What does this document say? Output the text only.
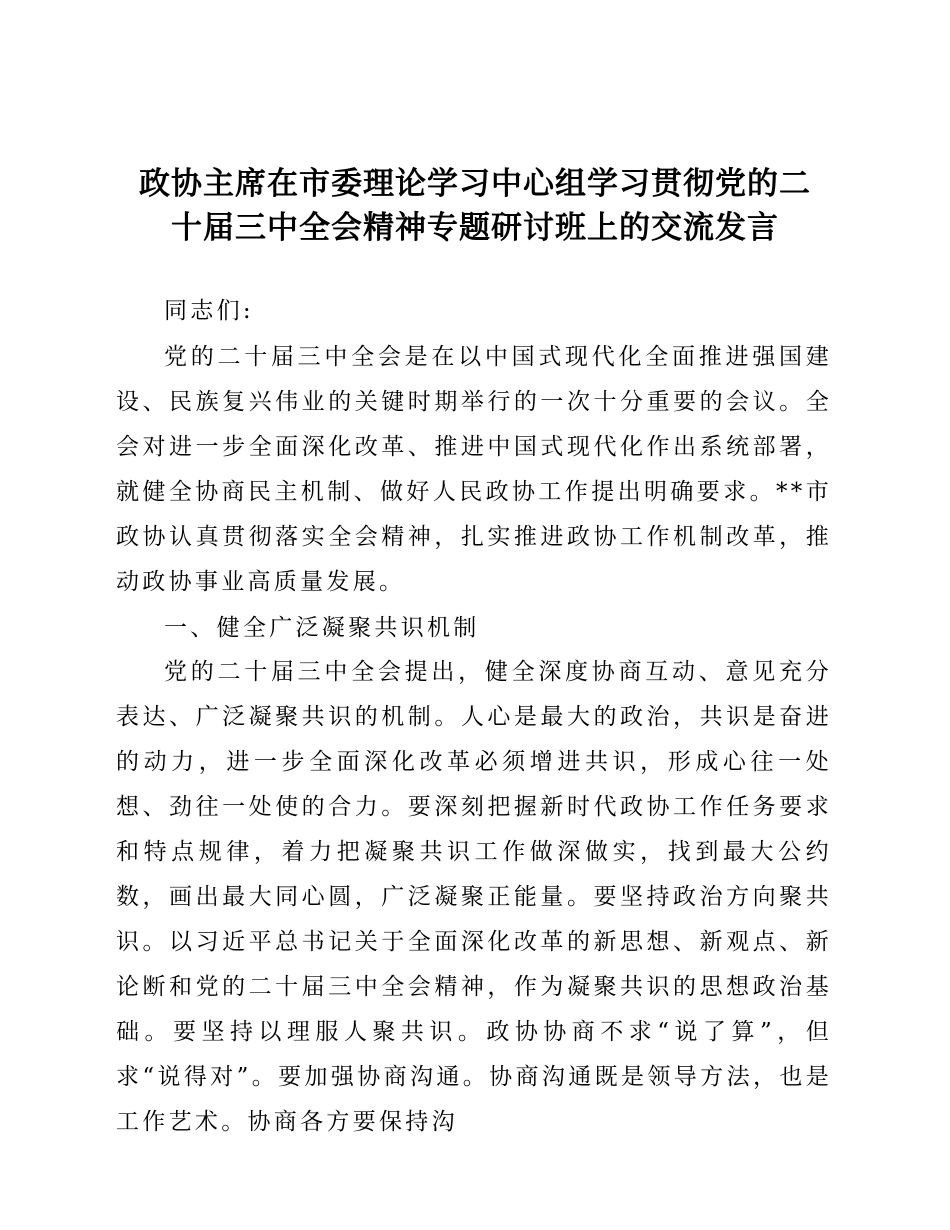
政协主席在市委理论学习中心组学习贯彻党的二
十届三中全会精神专题研讨班上的交流发言
同志们:
党的二十届三中全会是在以中国式现代化全面推进强国建设、民族复兴伟业的关键时期举行的一次十分重要的会议。全会对进一步全面深化改革、推进中国式现代化作出系统部署，就健全协商民主机制、做好人民政协工作提出明确要求。**市政协认真贯彻落实全会精神，扎实推进政协工作机制改革，推动政协事业高质量发展。
一、健全广泛凝聚共识机制
党的二十届三中全会提出，健全深度协商互动、意见充分表达、广泛凝聚共识的机制。人心是最大的政治，共识是奋进的动力，进一步全面深化改革必须增进共识，形成心往一处想、劲往一处使的合力。要深刻把握新时代政协工作任务要求和特点规律，着力把凝聚共识工作做深做实，找到最大公约数，画出最大同心圆，广泛凝聚正能量。要坚持政治方向聚共识。以习近平总书记关于全面深化改革的新思想、新观点、新论断和党的二十届三中全会精神，作为凝聚共识的思想政治基础。要坚持以理服人聚共识。政协协商不求“说了算”，但求“说得对”。要加强协商沟通。协商沟通既是领导方法，也是工作艺术。协商各方要保持沟
